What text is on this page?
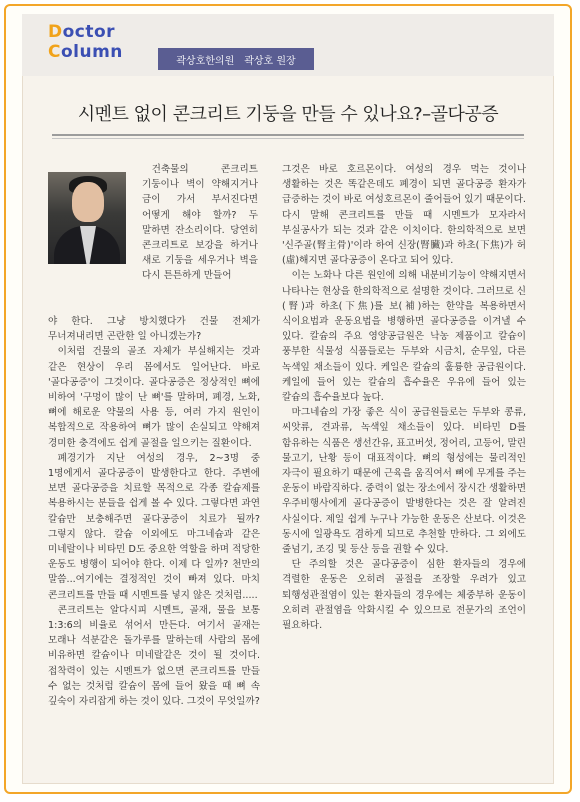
Doctor
Column	곽상호한의원 곽상호 원장
시멘트 없이 콘크리트 기둥을 만들 수 있나요?–골다공증

건축물의 콘크리트 기둥이나 벽이 약해지거나 금이 가서 부서진다면 어떻게 해야 할까? 두 말하면 잔소리이다. 당연히 콘크리트로 보강을 하거나 새로 기둥을 세우거나 벽을 다시 튼튼하게 만들어

야 한다. 그냥 방치했다가 건물 전체가 무너져내리면 곤란한 일 아니겠는가?

이처럼 건물의 골조 자체가 부실해지는 것과 같은 현상이 우리 몸에서도 일어난다. 바로 '골다공증'이 그것이다. 골다공증은 정상적인 뼈에 비하여 '구멍이 많이 난 뼈'를 말하며, 폐경, 노화, 뼈에 해로운 약물의 사용 등, 여러 가지 원인이 복합적으로 작용하여 뼈가 많이 손실되고 약해져 경미한 충격에도 쉽게 골절을 일으키는 질환이다.

폐경기가 지난 여성의 경우, 2~3명 중 1명에게서 골다공증이 발생한다고 한다. 주변에 보면 골다공증을 치료할 목적으로 각종 칼슘제를 복용하시는 분들을 쉽게 볼 수 있다. 그렇다면 과연 칼슘만 보충해주면 골다공증이 치료가 될까? 그렇지 않다. 칼슘 이외에도 마그네슘과 같은 미네랄이나 비타민 D도 중요한 역할을 하며 적당한 운동도 병행이 되어야 한다. 이제 다 일까? 천만의 말씀...여기에는 결정적인 것이 빠져 있다. 마치 콘크리트를 만들 때 시멘트를 넣지 않은 것처럼.....

콘크리트는 알다시피 시멘트, 골재, 물을 보통 1:3:6의 비율로 섞어서 만든다. 여기서 골재는 모래나 석분같은 돌가루를 말하는데 사람의 몸에 비유하면 칼슘이나 미네랄같은 것이 될 것이다. 접착력이 있는 시멘트가 없으면 콘크리트를 만들 수 없는 것처럼 칼슘이 몸에 들어 왔을 때 뼈 속 깊숙이 자리잡게 하는 것이 있다. 그것이 무엇일까?

그것은 바로 호르몬이다. 여성의 경우 먹는 것이나 생활하는 것은 똑같은데도 폐경이 되면 골다공증 환자가 급증하는 것이 바로 여성호르몬이 줄어들어 있기 때문이다. 다시 말해 콘크리트를 만들 때 시멘트가 모자라서 부실공사가 되는 것과 같은 이치이다. 한의학적으로 보면 '신주골(腎主骨)'이라 하여 신장(腎臟)과 하초(下焦)가 허(虛)해지면 골다공증이 온다고 되어 있다.

이는 노화나 다른 원인에 의해 내분비기능이 약해지면서 나타나는 현상을 한의학적으로 설명한 것이다. 그러므로 신(腎)과 하초(下焦)를 보(補)하는 한약을 복용하면서 식이요법과 운동요법을 병행하면 골다공증을 이겨낼 수 있다. 칼슘의 주요 영양공급원은 낙농 제품이고 칼슘이 풍부한 식물성 식품들로는 두부와 시금치, 순무잎, 다른 녹색잎 채소들이 있다. 케일은 칼슘의 훌륭한 공급원이다. 케일에 들어 있는 칼슘의 흡수율은 우유에 들어 있는 칼슘의 흡수율보다 높다.

마그네슘의 가장 좋은 식이 공급원들로는 두부와 콩류, 씨앗류, 견과류, 녹색잎 채소들이 있다. 비타민 D를 함유하는 식품은 생선간유, 표고버섯, 정어리, 고등어, 말린 물고기, 난황 등이 대표적이다. 뼈의 형성에는 물리적인 자극이 필요하기 때문에 근육을 움직여서 뼈에 무게를 주는 운동이 바람직하다. 중력이 없는 장소에서 장시간 생활하면 우주비행사에게 골다공증이 발병한다는 것은 잘 알려진 사실이다. 제일 쉽게 누구나 가능한 운동은 산보다. 이것은 동시에 일광욕도 겸하게 되므로 추천할 만하다. 그 외에도 줄넘기, 조깅 및 등산 등을 권할 수 있다.

단 주의할 것은 골다공증이 심한 환자들의 경우에 격렬한 운동은 오히려 골절을 조장할 우려가 있고 퇴행성관절염이 있는 환자들의 경우에는 체중부하 운동이 오히려 관절염을 악화시킬 수 있으므로 전문가의 조언이 필요하다.
